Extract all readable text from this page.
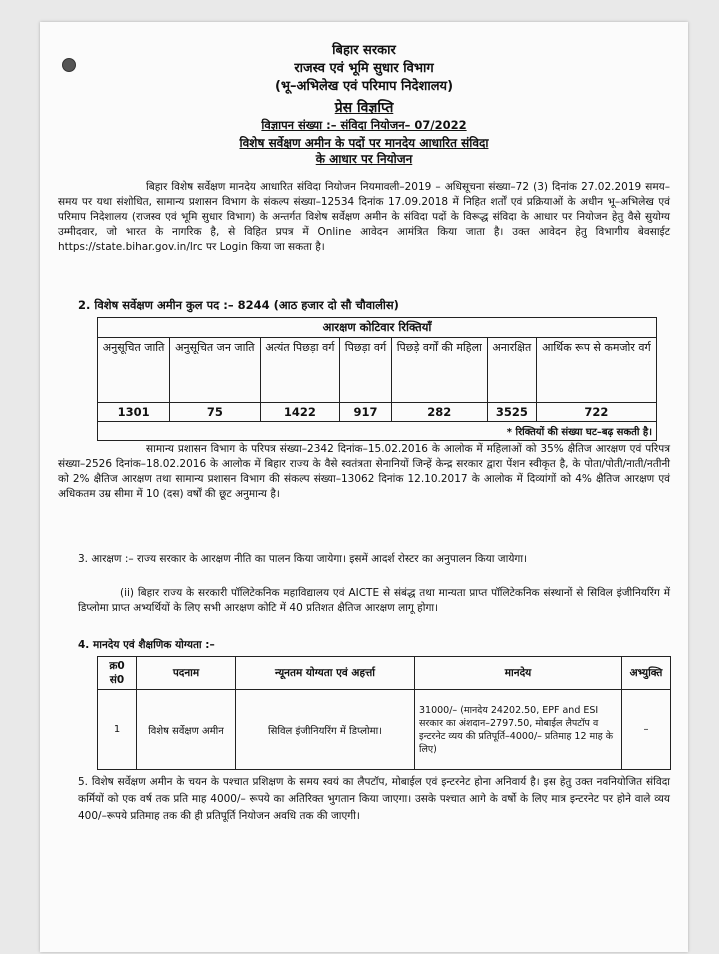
बिहार सरकार
राजस्व एवं भूमि सुधार विभाग
(भू–अभिलेख एवं परिमाप निदेशालय)
प्रेस विज्ञप्ति
विज्ञापन संख्या :– संविदा नियोजन– 07/2022
विशेष सर्वेक्षण अमीन के पदों पर मानदेय आधारित संविदा
के आधार पर नियोजन
बिहार विशेष सर्वेक्षण मानदेय आधारित संविदा नियोजन नियमावली–2019 – अधिसूचना संख्या–72 (3) दिनांक 27.02.2019 समय–समय पर यथा संशोधित, सामान्य प्रशासन विभाग के संकल्प संख्या–12534 दिनांक 17.09.2018 में निहित शर्तों एवं प्रक्रियाओं के अधीन भू–अभिलेख एवं परिमाप निदेशालय (राजस्व एवं भूमि सुधार विभाग) के अन्तर्गत विशेष सर्वेक्षण अमीन के संविदा पदों के विरूद्ध संविदा के आधार पर नियोजन हेतु वैसे सुयोग्य उम्मीदवार, जो भारत के नागरिक है, से विहित प्रपत्र में Online आवेदन आमंत्रित किया जाता है। उक्त आवेदन हेतु विभागीय बेवसाईट https://state.bihar.gov.in/lrc पर Login किया जा सकता है।
2. विशेष सर्वेक्षण अमीन कुल पद :– 8244 (आठ हजार दो सौ चौवालीस)
आरक्षण कोटिवार रिक्तियाँ						
अनुसूचित जाति	अनुसूचित जन जाति	अत्यंत पिछड़ा वर्ग	पिछड़ा वर्ग	पिछड़े वर्गों की महिला	अनारक्षित	आर्थिक रूप से कमजोर वर्ग
1301	75	1422	917	282	3525	722
* रिक्तियों की संख्या घट–बढ़ सकती है।						
सामान्य प्रशासन विभाग के परिपत्र संख्या–2342 दिनांक–15.02.2016 के आलोक में महिलाओं को 35% क्षैतिज आरक्षण एवं परिपत्र संख्या–2526 दिनांक–18.02.2016 के आलोक में बिहार राज्य के वैसे स्वतंत्रता सेनानियों जिन्हें केन्द्र सरकार द्वारा पेंशन स्वीकृत है, के पोता/पोती/नाती/नतीनी को 2% क्षैतिज आरक्षण तथा सामान्य प्रशासन विभाग की संकल्प संख्या–13062 दिनांक 12.10.2017 के आलोक में दिव्यांगों को 4% क्षैतिज आरक्षण एवं अधिकतम उम्र सीमा में 10 (दस) वर्षों की छूट अनुमान्य है।
3. आरक्षण :– राज्य सरकार के आरक्षण नीति का पालन किया जायेगा। इसमें आदर्श रोस्टर का अनुपालन किया जायेगा।
(ii) बिहार राज्य के सरकारी पॉलिटेकनिक महाविद्यालय एवं AICTE से संबंद्ध तथा मान्यता प्राप्त पॉलिटेकनिक संस्थानों से सिविल इंजीनियरिंग में डिप्लोमा प्राप्त अभ्यर्थियों के लिए सभी आरक्षण कोटि में 40 प्रतिशत क्षैतिज आरक्षण लागू होगा।
4. मानदेय एवं शैक्षणिक योग्यता :–
क्र0 सं0	पदनाम	न्यूनतम योग्यता एवं अहर्त्ता	मानदेय	अभ्युक्ति
1	विशेष सर्वेक्षण अमीन	सिविल इंजीनियरिंग में डिप्लोमा।	31000/– (मानदेय 24202.50, EPF and ESI सरकार का अंशदान–2797.50, मोबाईल लैपटॉप व इन्टरनेट व्यय की प्रतिपूर्ति–4000/– प्रतिमाह 12 माह के लिए)	–
5. विशेष सर्वेक्षण अमीन के चयन के पश्चात प्रशिक्षण के समय स्वयं का लैपटॉप, मोबाईल एवं इन्टरनेट होना अनिवार्य है। इस हेतु उक्त नवनियोजित संविदा कर्मियों को एक वर्ष तक प्रति माह 4000/– रूपये का अतिरिक्त भुगतान किया जाएगा। उसके पश्चात आगे के वर्षो के लिए मात्र इन्टरनेट पर होने वाले व्यय 400/–रूपये प्रतिमाह तक की ही प्रतिपूर्ति नियोजन अवधि तक की जाएगी।
